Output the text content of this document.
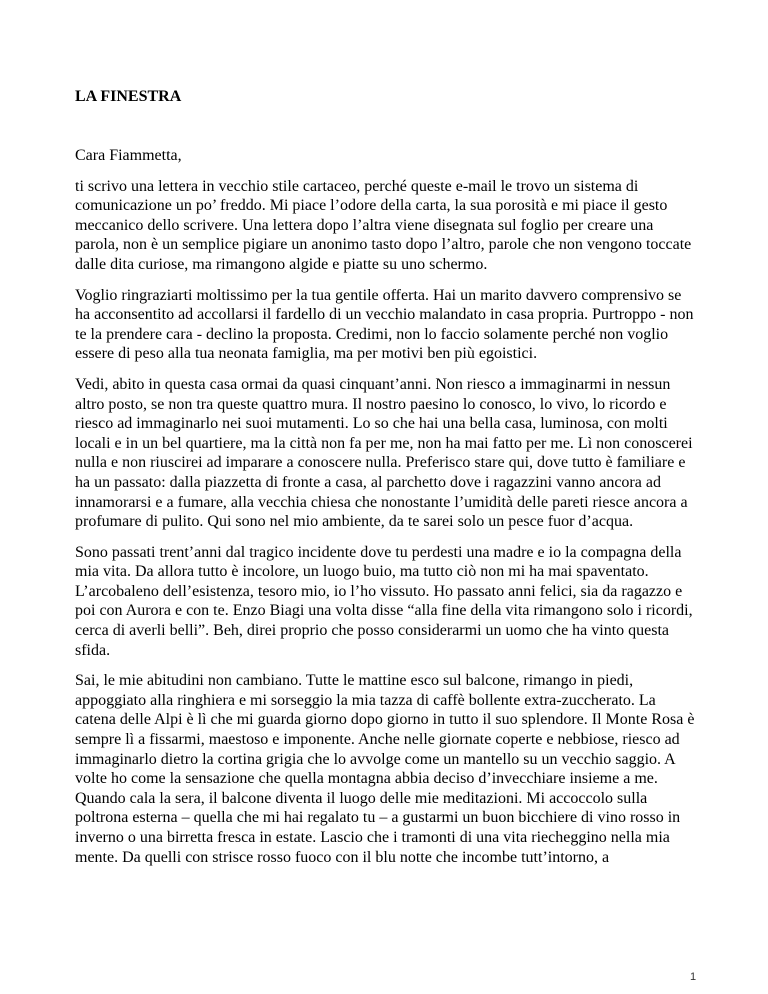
LA FINESTRA

Cara Fiammetta,

ti scrivo una lettera in vecchio stile cartaceo, perché queste e-mail le trovo un sistema di comunicazione un po’ freddo. Mi piace l’odore della carta, la sua porosità e mi piace il gesto meccanico dello scrivere. Una lettera dopo l’altra viene disegnata sul foglio per creare una parola, non è un semplice pigiare un anonimo tasto dopo l’altro, parole che non vengono toccate dalle dita curiose, ma rimangono algide e piatte su uno schermo.

Voglio ringraziarti moltissimo per la tua gentile offerta. Hai un marito davvero comprensivo se ha acconsentito ad accollarsi il fardello di un vecchio malandato in casa propria. Purtroppo - non te la prendere cara - declino la proposta. Credimi, non lo faccio solamente perché non voglio essere di peso alla tua neonata famiglia, ma per motivi ben più egoistici.

Vedi, abito in questa casa ormai da quasi cinquant’anni. Non riesco a immaginarmi in nessun altro posto, se non tra queste quattro mura. Il nostro paesino lo conosco, lo vivo, lo ricordo e riesco ad immaginarlo nei suoi mutamenti. Lo so che hai una bella casa, luminosa, con molti locali e in un bel quartiere, ma la città non fa per me, non ha mai fatto per me. Lì non conoscerei nulla e non riuscirei ad imparare a conoscere nulla. Preferisco stare qui, dove tutto è familiare e ha un passato: dalla piazzetta di fronte a casa, al parchetto dove i ragazzini vanno ancora ad innamorarsi e a fumare, alla vecchia chiesa che nonostante l’umidità delle pareti riesce ancora a profumare di pulito. Qui sono nel mio ambiente, da te sarei solo un pesce fuor d’acqua.

Sono passati trent’anni dal tragico incidente dove tu perdesti una madre e io la compagna della mia vita. Da allora tutto è incolore, un luogo buio, ma tutto ciò non mi ha mai spaventato. L’arcobaleno dell’esistenza, tesoro mio, io l’ho vissuto. Ho passato anni felici, sia da ragazzo e poi con Aurora e con te. Enzo Biagi una volta disse “alla fine della vita rimangono solo i ricordi, cerca di averli belli”. Beh, direi proprio che posso considerarmi un uomo che ha vinto questa sfida.

Sai, le mie abitudini non cambiano. Tutte le mattine esco sul balcone, rimango in piedi, appoggiato alla ringhiera e mi sorseggio la mia tazza di caffè bollente extra-zuccherato. La catena delle Alpi è lì che mi guarda giorno dopo giorno in tutto il suo splendore. Il Monte Rosa è sempre lì a fissarmi, maestoso e imponente. Anche nelle giornate coperte e nebbiose, riesco ad immaginarlo dietro la cortina grigia che lo avvolge come un mantello su un vecchio saggio. A volte ho come la sensazione che quella montagna abbia deciso d’invecchiare insieme a me. Quando cala la sera, il balcone diventa il luogo delle mie meditazioni. Mi accoccolo sulla poltrona esterna – quella che mi hai regalato tu – a gustarmi un buon bicchiere di vino rosso in inverno o una birretta fresca in estate. Lascio che i tramonti di una vita riecheggino nella mia mente. Da quelli con strisce rosso fuoco con il blu notte che incombe tutt’intorno, a

1
